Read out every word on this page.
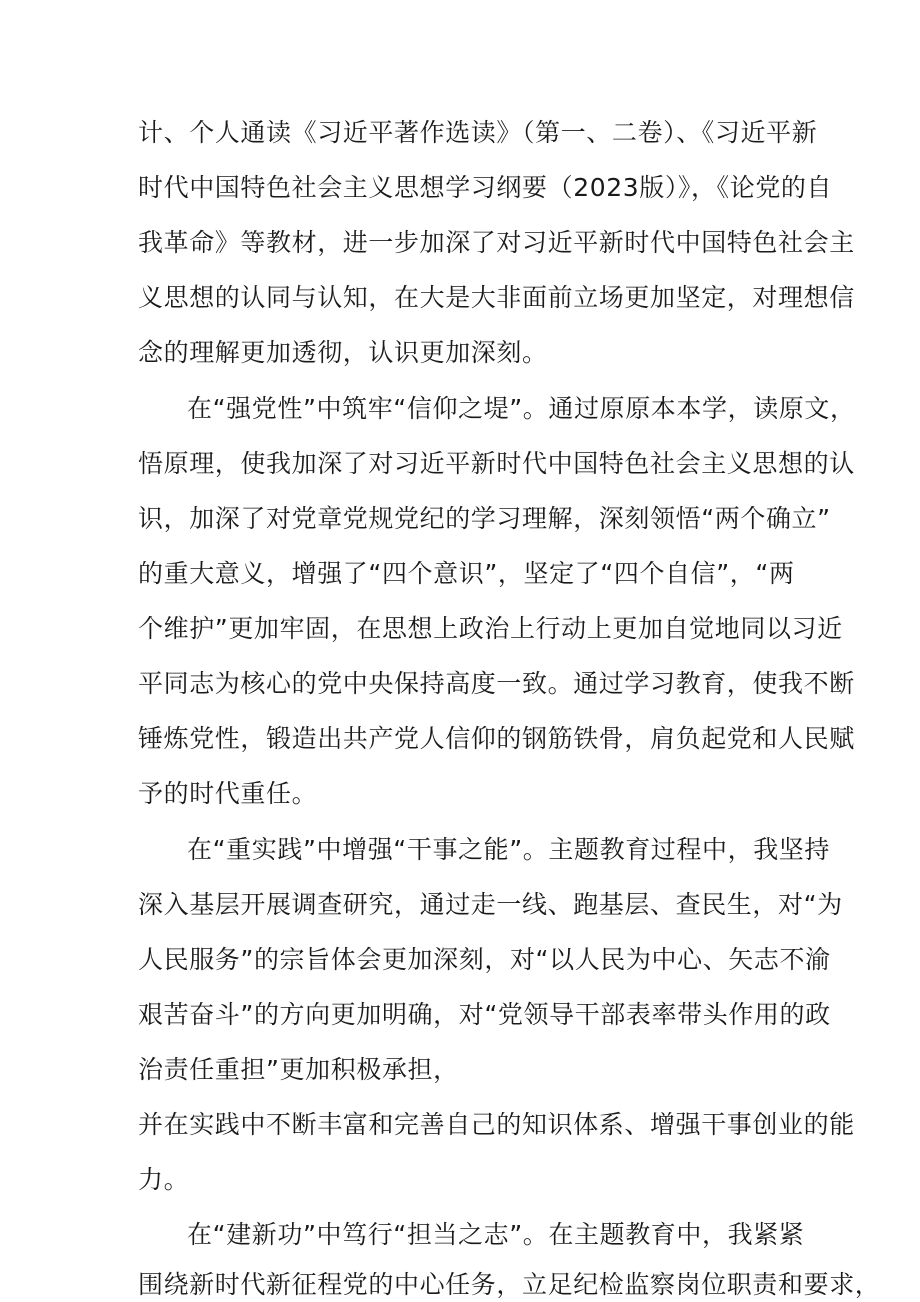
计、个人通读《习近平著作选读》（第一、二卷）、《习近平新
时代中国特色社会主义思想学习纲要（2023版）》，《论党的自
我革命》等教材，进一步加深了对习近平新时代中国特色社会主
义思想的认同与认知，在大是大非面前立场更加坚定，对理想信
念的理解更加透彻，认识更加深刻。
在“强党性”中筑牢“信仰之堤”。通过原原本本学，读原文，
悟原理，使我加深了对习近平新时代中国特色社会主义思想的认
识，加深了对党章党规党纪的学习理解，深刻领悟“两个确立”
的重大意义，增强了“四个意识”，坚定了“四个自信”，“两
个维护”更加牢固，在思想上政治上行动上更加自觉地同以习近
平同志为核心的党中央保持高度一致。通过学习教育，使我不断
锤炼党性，锻造出共产党人信仰的钢筋铁骨，肩负起党和人民赋
予的时代重任。
在“重实践”中增强“干事之能”。主题教育过程中，我坚持
深入基层开展调查研究，通过走一线、跑基层、查民生，对“为
人民服务”的宗旨体会更加深刻，对“以人民为中心、矢志不渝
艰苦奋斗”的方向更加明确，对“党领导干部表率带头作用的政
治责任重担”更加积极承担，
并在实践中不断丰富和完善自己的知识体系、增强干事创业的能
力。
在“建新功”中笃行“担当之志”。在主题教育中，我紧紧
围绕新时代新征程党的中心任务，立足纪检监察岗位职责和要求，
